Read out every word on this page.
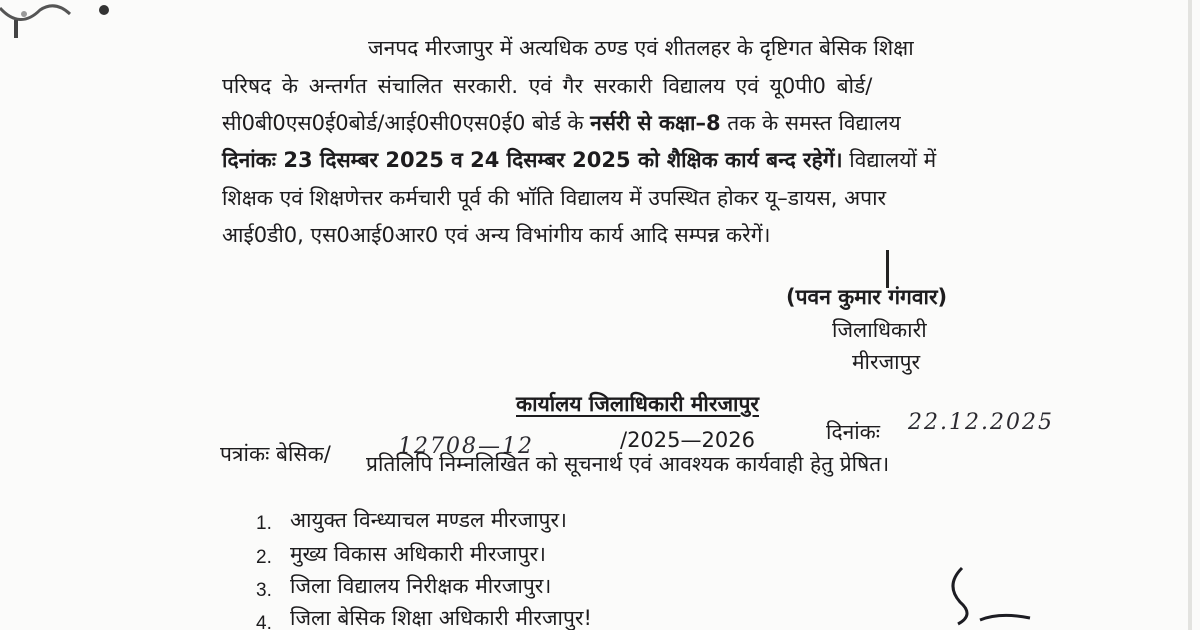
जनपद मीरजापुर में अत्यधिक ठण्ड एवं शीतलहर के दृष्टिगत बेसिक शिक्षा
परिषद के अन्तर्गत संचालित सरकारी. एवं गैर सरकारी विद्यालय एवं यू0पी0 बोर्ड/
सी0बी0एस0ई0बोर्ड/आई0सी0एस0ई0 बोर्ड के नर्सरी से कक्षा–8 तक के समस्त विद्यालय
दिनांकः 23 दिसम्बर 2025 व 24 दिसम्बर 2025 को शैक्षिक कार्य बन्द रहेगें। विद्यालयों में
शिक्षक एवं शिक्षणेत्तर कर्मचारी पूर्व की भॉति विद्यालय में उपस्थित होकर यू–डायस, अपार
आई0डी0, एस0आई0आर0 एवं अन्य विभांगीय कार्य आदि सम्पन्न करेगें।
(पवन कुमार गंगवार)
जिलाधिकारी
मीरजापुर
कार्यालय जिलाधिकारी मीरजापुर
पत्रांकः बेसिक/	12708—12	/2025—2026	दिनांकः 22.12.2025
प्रतिलिपि निम्नलिखित को सूचनार्थ एवं आवश्यक कार्यवाही हेतु प्रेषित।
1. आयुक्त विन्ध्याचल मण्डल मीरजापुर।
2. मुख्य विकास अधिकारी मीरजापुर।
3. जिला विद्यालय निरीक्षक मीरजापुर।
4. जिला बेसिक शिक्षा अधिकारी मीरजापुर!
